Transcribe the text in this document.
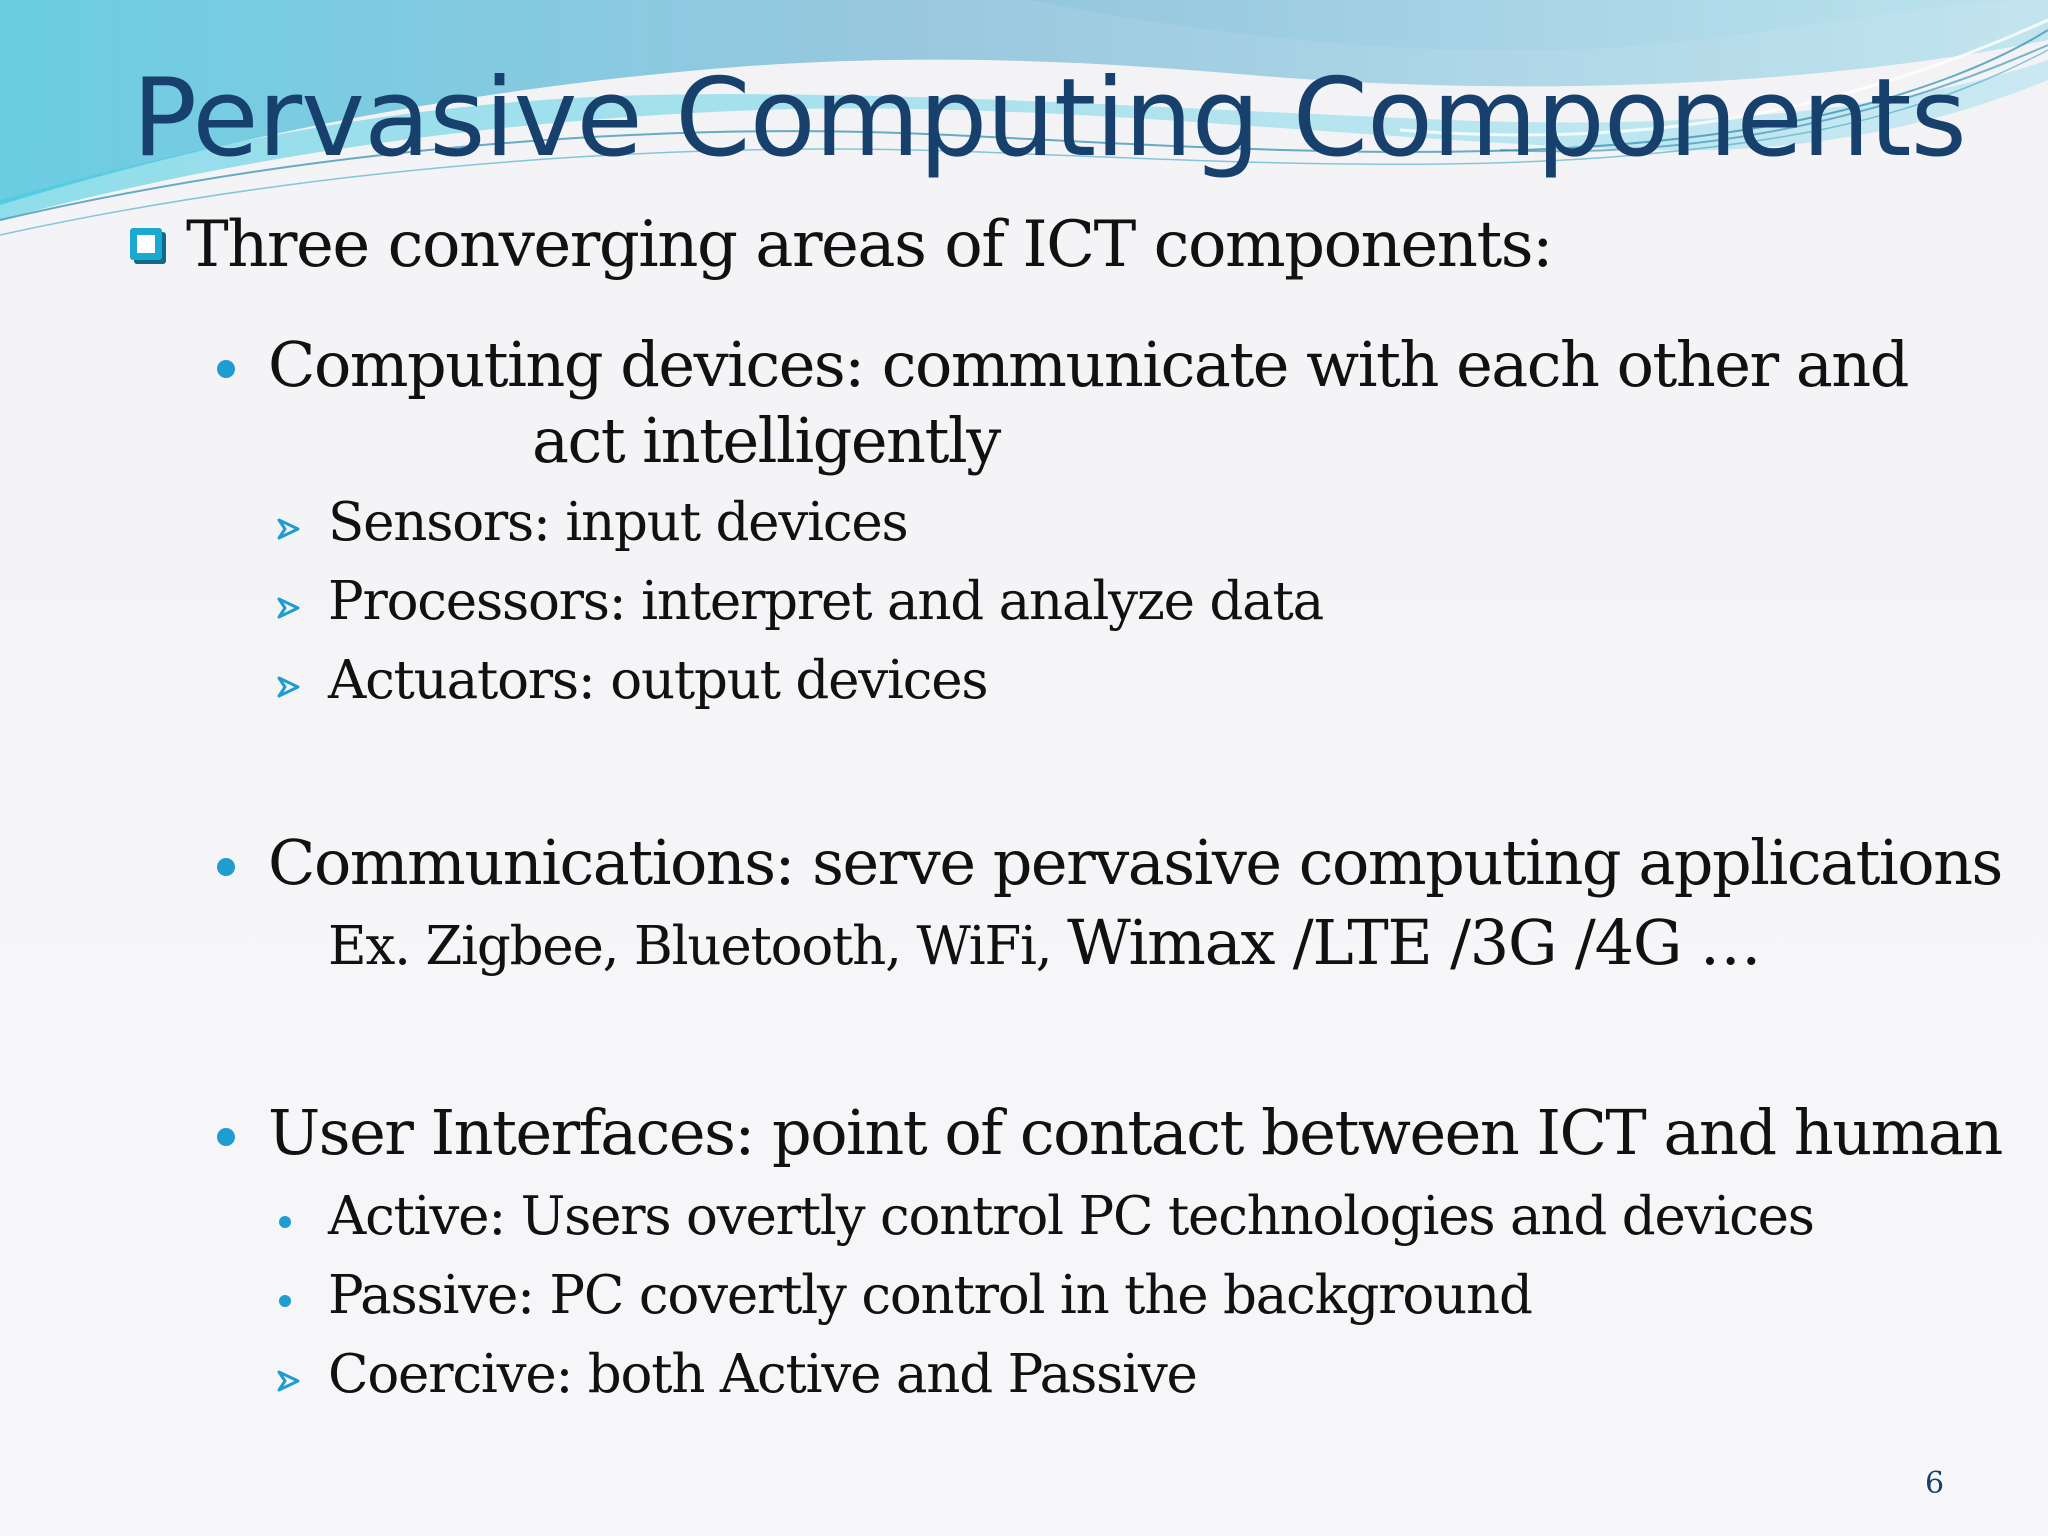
Pervasive Computing Components

Three converging areas of ICT components:

Computing devices: communicate with each other and

act intelligently

Sensors: input devices

Processors: interpret and analyze data

Actuators: output devices

Communications: serve pervasive computing applications

Ex. Zigbee, Bluetooth, WiFi, Wimax /LTE /3G /4G …

User Interfaces: point of contact between ICT and human

Active: Users overtly control PC technologies and devices

Passive: PC covertly control in the background

Coercive: both Active and Passive

6
